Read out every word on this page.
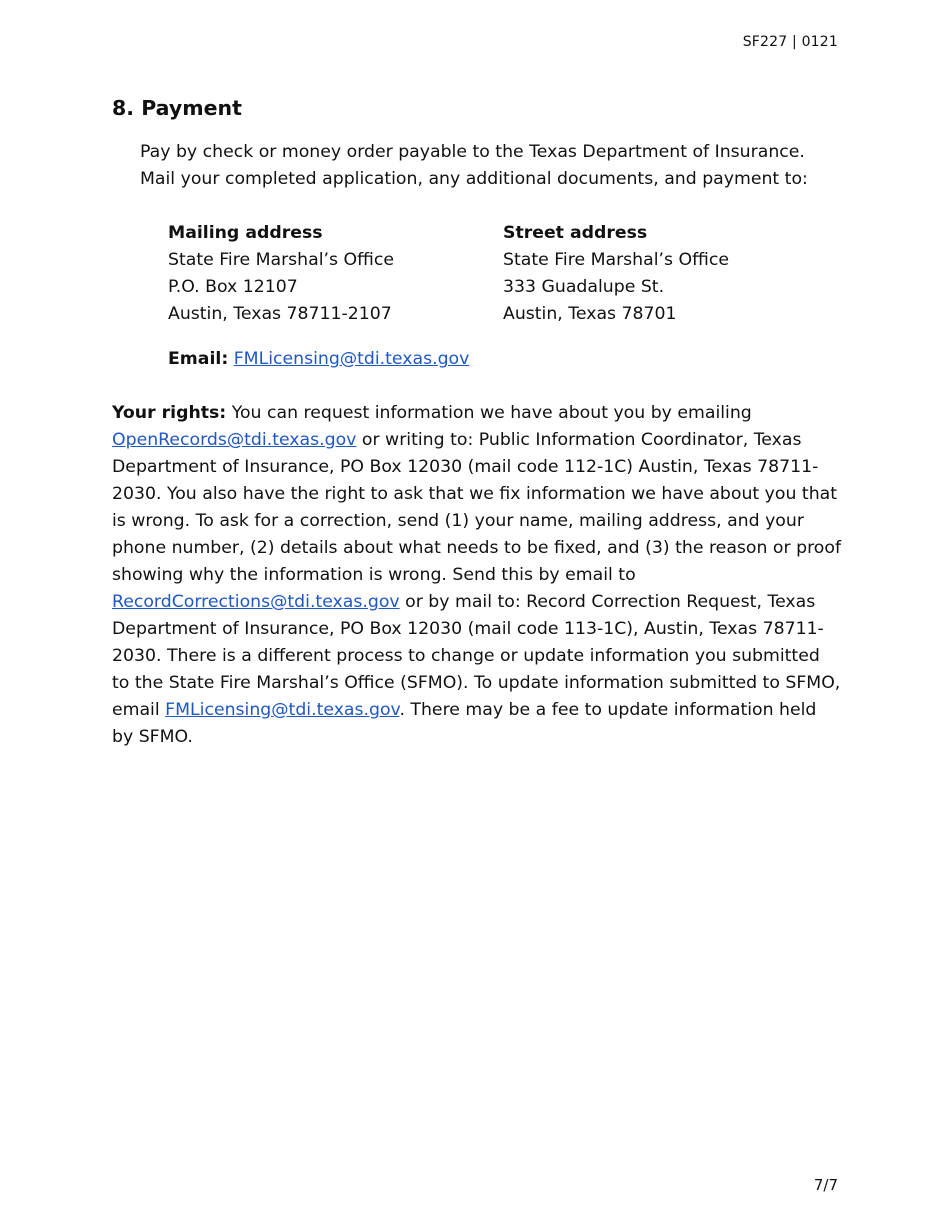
SF227 | 0121
8. Payment

Pay by check or money order payable to the Texas Department of Insurance. Mail your completed application, any additional documents, and payment to:

Mailing address
State Fire Marshal’s Office
P.O. Box 12107
Austin, Texas 78711-2107
Street address
State Fire Marshal’s Office
333 Guadalupe St.
Austin, Texas 78701
Email: FMLicensing@tdi.texas.gov

Your rights: You can request information we have about you by emailing OpenRecords@tdi.texas.gov or writing to: Public Information Coordinator, Texas Department of Insurance, PO Box 12030 (mail code 112-1C) Austin, Texas 78711-2030. You also have the right to ask that we fix information we have about you that is wrong. To ask for a correction, send (1) your name, mailing address, and your phone number, (2) details about what needs to be fixed, and (3) the reason or proof showing why the information is wrong. Send this by email to RecordCorrections@tdi.texas.gov or by mail to: Record Correction Request, Texas Department of Insurance, PO Box 12030 (mail code 113-1C), Austin, Texas 78711-2030. There is a different process to change or update information you submitted to the State Fire Marshal’s Office (SFMO). To update information submitted to SFMO, email FMLicensing@tdi.texas.gov. There may be a fee to update information held by SFMO.

7/7
